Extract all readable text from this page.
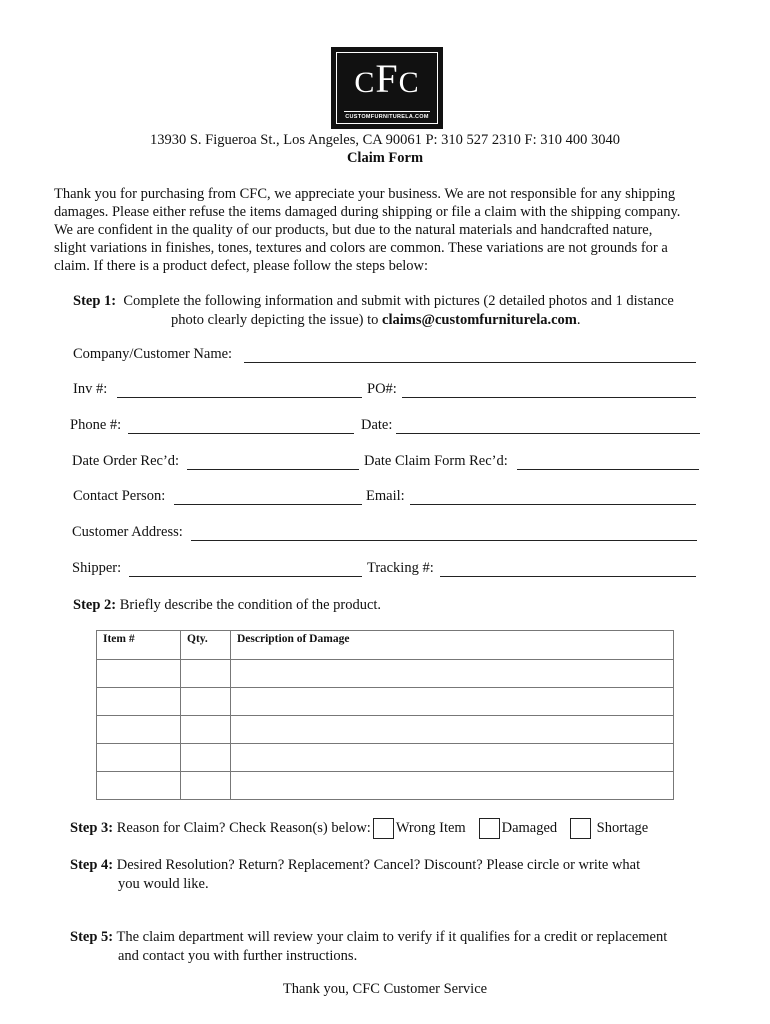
CFC
CUSTOMFURNITURELA.COM
13930 S. Figueroa St., Los Angeles, CA 90061 P: 310 527 2310 F: 310 400 3040
Claim Form

Thank you for purchasing from CFC, we appreciate your business. We are not responsible for any shipping

damages. Please either refuse the items damaged during shipping or file a claim with the shipping company.

We are confident in the quality of our products, but due to the natural materials and handcrafted nature,

slight variations in finishes, tones, textures and colors are common. These variations are not grounds for a

claim. If there is a product defect, please follow the steps below:

Step 1: Complete the following information and submit with pictures (2 detailed photos and 1 distance
photo clearly depicting the issue) to claims@customfurniturela.com.
Company/Customer Name:
Inv #:	PO#:
Phone #:	Date:
Date Order Rec’d:	Date Claim Form Rec’d:
Contact Person:	Email:
Customer Address:
Shipper:	Tracking #:
Step 2: Briefly describe the condition of the product.
Item #	Qty.	Description of Damage

Step 3: Reason for Claim? Check Reason(s) below: Wrong Item Damaged	Shortage
Step 4: Desired Resolution? Return? Replacement? Cancel? Discount? Please circle or write what
you would like.
Step 5: The claim department will review your claim to verify if it qualifies for a credit or replacement
and contact you with further instructions.
Thank you, CFC Customer Service
